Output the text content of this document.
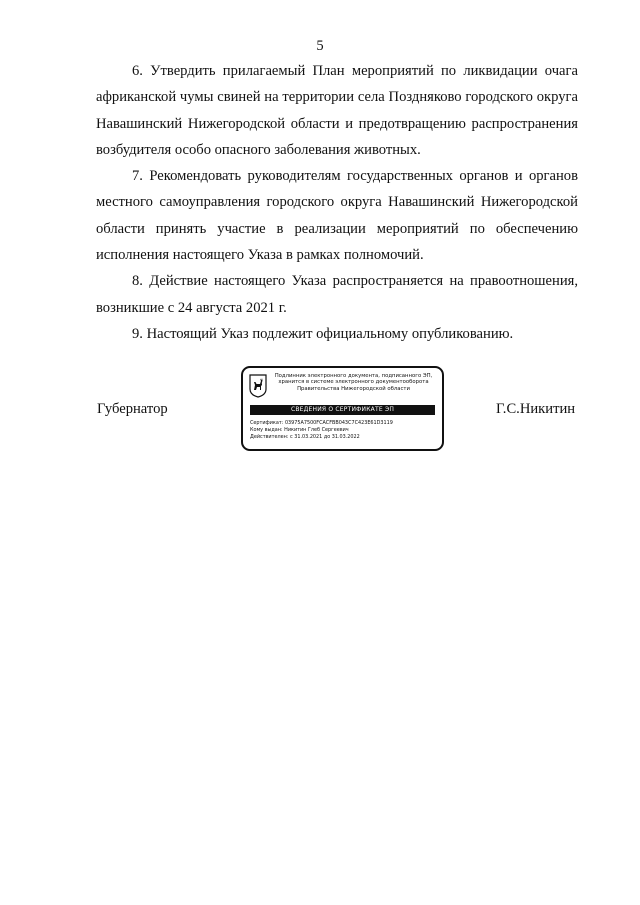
5

6. Утвердить прилагаемый План мероприятий по ликвидации очага африканской чумы свиней на территории села Поздняково городского округа Навашинский Нижегородской области и предотвращению распространения возбудителя особо опасного заболевания животных.

7. Рекомендовать руководителям государственных органов и органов местного самоуправления городского округа Навашинский Нижегородской области принять участие в реализации мероприятий по обеспечению исполнения настоящего Указа в рамках полномочий.

8. Действие настоящего Указа распространяется на правоотношения, возникшие с 24 августа 2021 г.

9. Настоящий Указ подлежит официальному опубликованию.

Губернатор	Г.С.Никитин
Подлинник электронного документа, подписанного ЭП,
хранится в системе электронного документооборота
Правительства Нижегородской области
СВЕДЕНИЯ О СЕРТИФИКАТЕ ЭП
Сертификат: 03975A7500FCACFBB043C7C423E61D3119
Кому выдан: Никитин Глеб Сергеевич
Действителен: с 31.03.2021 до 31.03.2022
